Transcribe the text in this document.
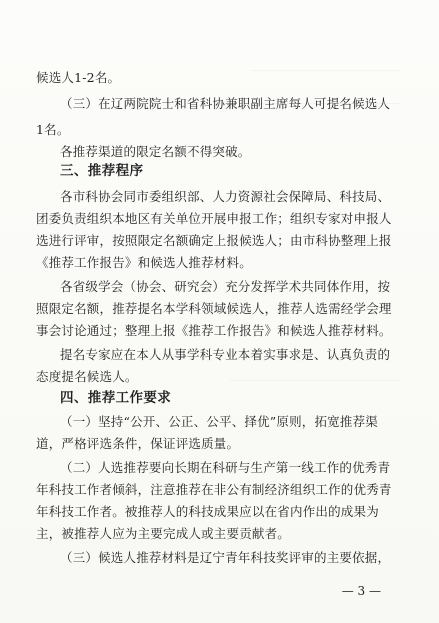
候选人1-2名。
（三）在辽两院院士和省科协兼职副主席每人可提名候选人
1名。
各推荐渠道的限定名额不得突破。
三、推荐程序
各市科协会同市委组织部、人力资源社会保障局、科技局、
团委负责组织本地区有关单位开展申报工作；组织专家对申报人
选进行评审，按照限定名额确定上报候选人；由市科协整理上报
《推荐工作报告》和候选人推荐材料。
各省级学会（协会、研究会）充分发挥学术共同体作用，按
照限定名额，推荐提名本学科领域候选人，推荐人选需经学会理
事会讨论通过；整理上报《推荐工作报告》和候选人推荐材料。
提名专家应在本人从事学科专业本着实事求是、认真负责的
态度提名候选人。
四、推荐工作要求
（一）坚持“公开、公正、公平、择优”原则，拓宽推荐渠
道，严格评选条件，保证评选质量。
（二）人选推荐要向长期在科研与生产第一线工作的优秀青
年科技工作者倾斜，注意推荐在非公有制经济组织工作的优秀青
年科技工作者。被推荐人的科技成果应以在省内作出的成果为
主，被推荐人应为主要完成人或主要贡献者。
（三）候选人推荐材料是辽宁青年科技奖评审的主要依据，
— 3 —
